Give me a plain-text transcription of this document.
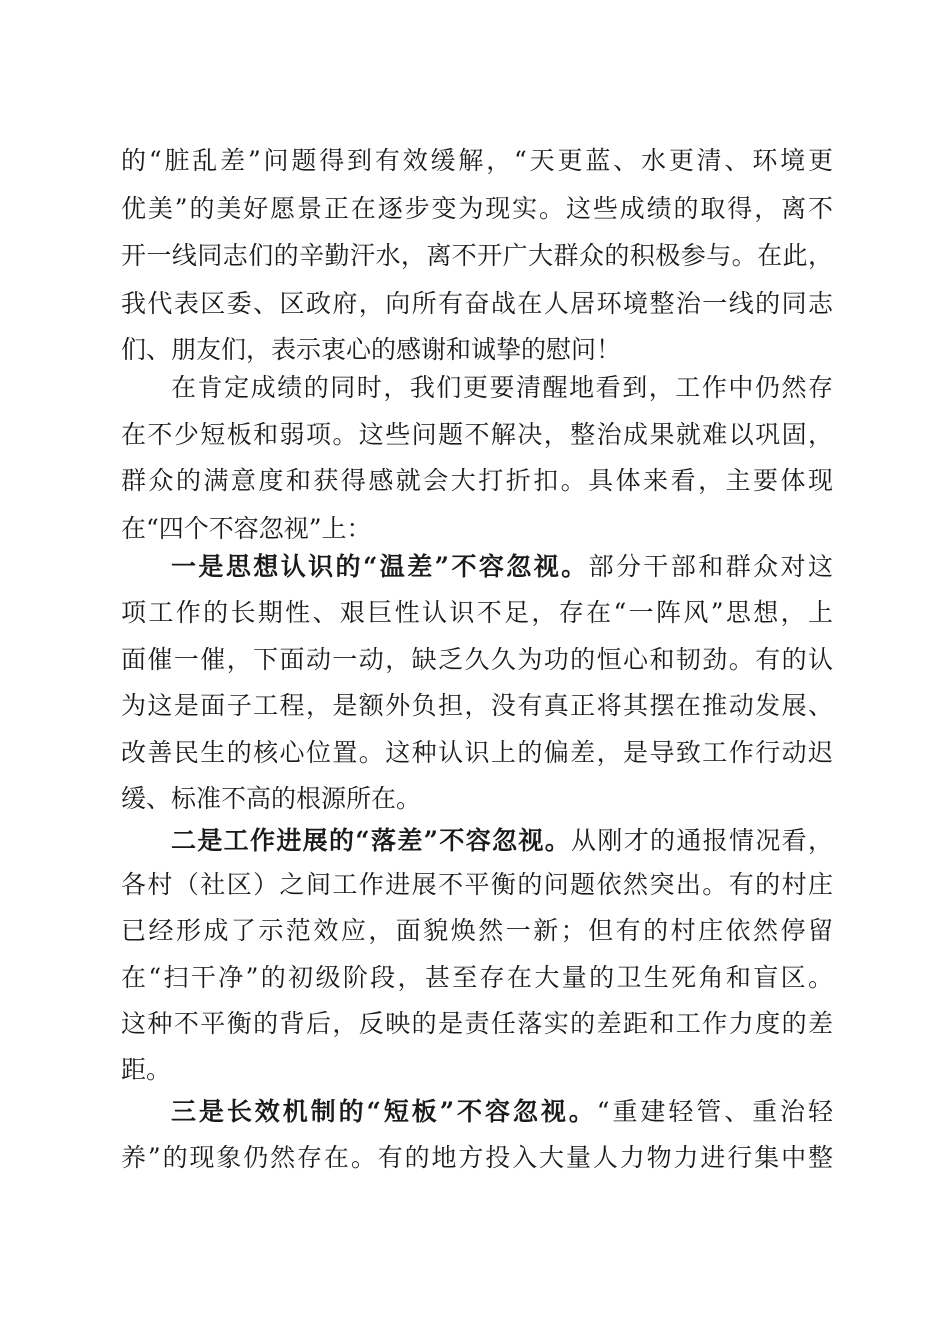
的“脏乱差”问题得到有效缓解，“天更蓝、水更清、环境更

优美”的美好愿景正在逐步变为现实。这些成绩的取得，离不

开一线同志们的辛勤汗水，离不开广大群众的积极参与。在此，

我代表区委、区政府，向所有奋战在人居环境整治一线的同志

们、朋友们，表示衷心的感谢和诚挚的慰问！

在肯定成绩的同时，我们更要清醒地看到，工作中仍然存

在不少短板和弱项。这些问题不解决，整治成果就难以巩固，

群众的满意度和获得感就会大打折扣。具体来看，主要体现

在“四个不容忽视”上：

一是思想认识的“温差”不容忽视。部分干部和群众对这

项工作的长期性、艰巨性认识不足，存在“一阵风”思想，上

面催一催，下面动一动，缺乏久久为功的恒心和韧劲。有的认

为这是面子工程，是额外负担，没有真正将其摆在推动发展、

改善民生的核心位置。这种认识上的偏差，是导致工作行动迟

缓、标准不高的根源所在。

二是工作进展的“落差”不容忽视。从刚才的通报情况看，

各村（社区）之间工作进展不平衡的问题依然突出。有的村庄

已经形成了示范效应，面貌焕然一新；但有的村庄依然停留

在“扫干净”的初级阶段，甚至存在大量的卫生死角和盲区。

这种不平衡的背后，反映的是责任落实的差距和工作力度的差

距。

三是长效机制的“短板”不容忽视。“重建轻管、重治轻

养”的现象仍然存在。有的地方投入大量人力物力进行集中整
